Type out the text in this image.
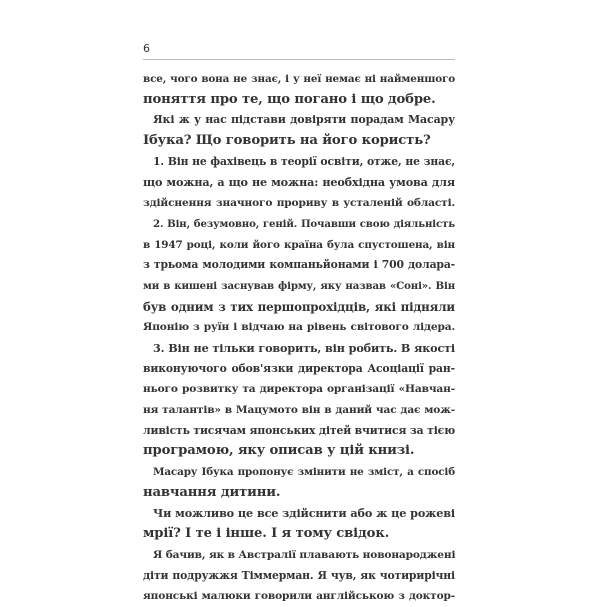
6
все, чого вона не знає, і у неї немає ні найменшого
поняття про те, що погано і що добре.
Які ж у нас підстави довіряти порадам Масару
Ібука? Що говорить на його користь?
1. Він не фахівець в теорії освіти, отже, не знає,
що можна, а що не можна: необхідна умова для
здійснення значного прориву в усталеній області.
2. Він, безумовно, геній. Почавши свою діяльність
в 1947 році, коли його країна була спустошена, він
з трьома молодими компаньйонами і 700 долара-
ми в кишені заснував фірму, яку назвав «Соні». Він
був одним з тих першопрохідців, які підняли
Японію з руїн і відчаю на рівень світового лідера.
3. Він не тільки говорить, він робить. В якості
виконуючого обов'язки директора Асоціації ран-
нього розвитку та директора організації «Навчан-
ня талантів» в Мацумото він в даний час дає мож-
ливість тисячам японських дітей вчитися за тією
програмою, яку описав у цій книзі.
Масару Ібука пропонує змінити не зміст, а спосіб
навчання дитини.
Чи можливо це все здійснити або ж це рожеві
мрії? І те і інше. І я тому свідок.
Я бачив, як в Австралії плавають новонароджені
діти подружжя Тіммерман. Я чув, як чотирирічні
японські малюки говорили англійською з доктор-
